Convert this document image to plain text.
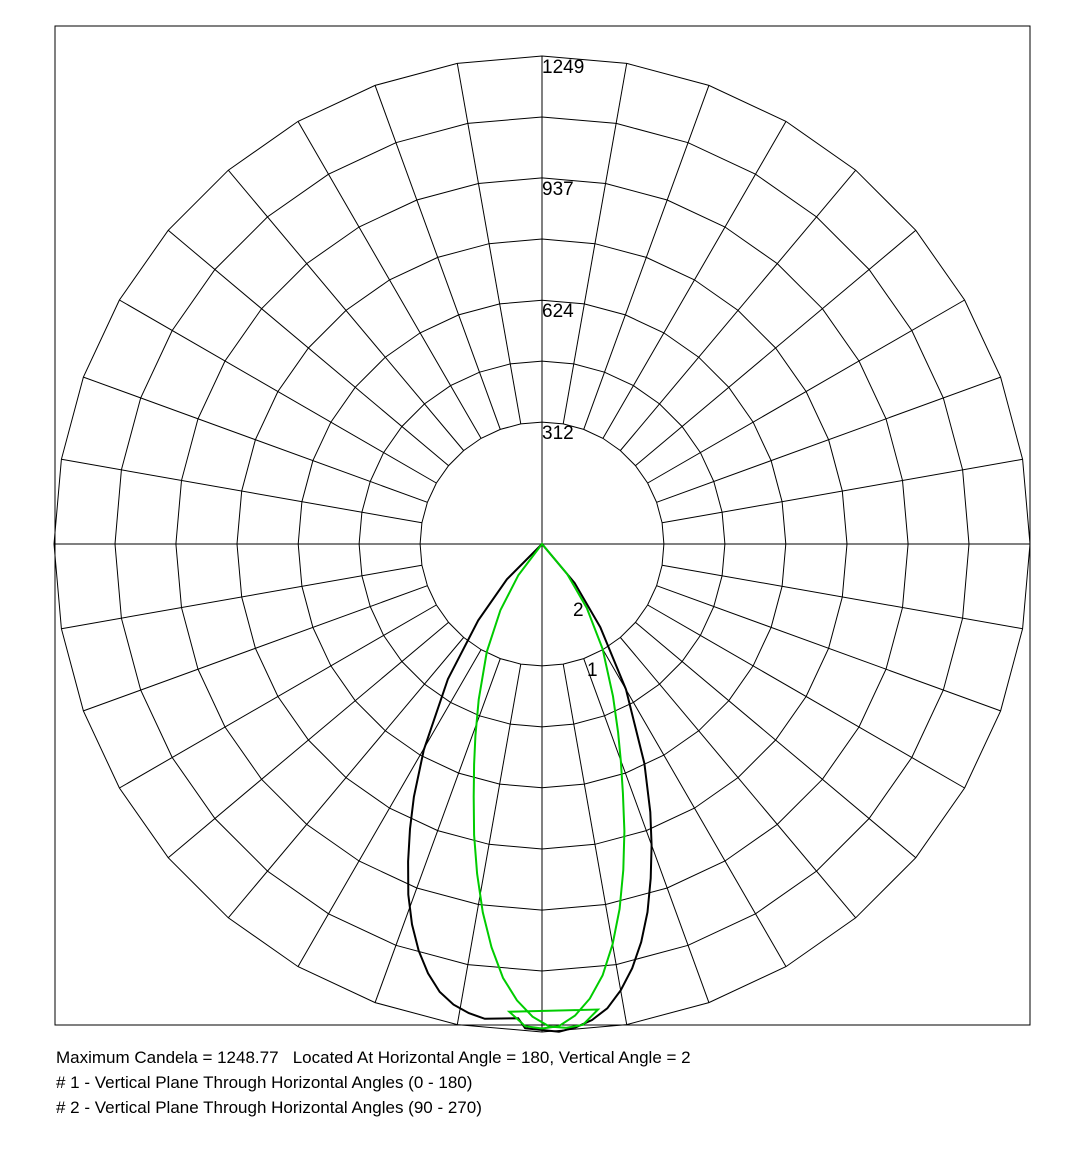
312
624
937
1249
1
2
Maximum Candela = 1248.77   Located At Horizontal Angle = 180, Vertical Angle = 2
# 1 - Vertical Plane Through Horizontal Angles (0 - 180)
# 2 - Vertical Plane Through Horizontal Angles (90 - 270)
